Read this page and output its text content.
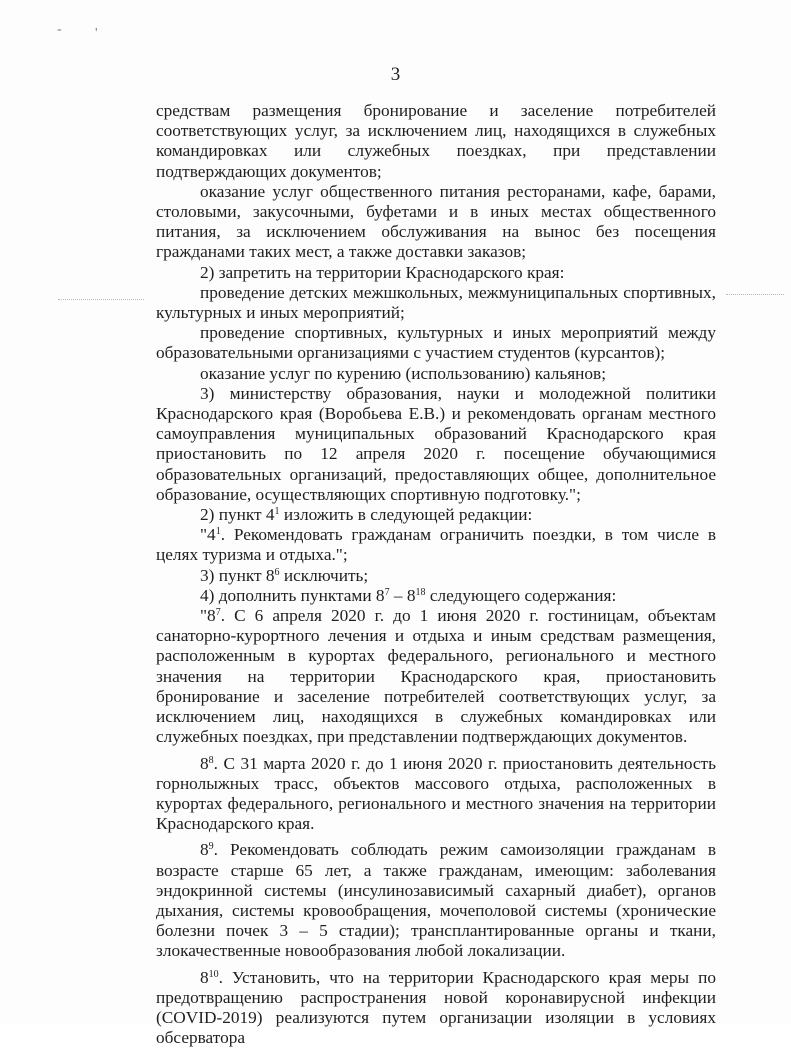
- '
3

средствам размещения бронирование и заселение потребителей соответствующих услуг, за исключением лиц, находящихся в служебных командировках или служебных поездках, при представлении подтверждающих документов;

оказание услуг общественного питания ресторанами, кафе, барами, столовыми, закусочными, буфетами и в иных местах общественного питания, за исключением обслуживания на вынос без посещения гражданами таких мест, а также доставки заказов;

2) запретить на территории Краснодарского края:

проведение детских межшкольных, межмуниципальных спортивных, культурных и иных мероприятий;

проведение спортивных, культурных и иных мероприятий между образовательными организациями с участием студентов (курсантов);

оказание услуг по курению (использованию) кальянов;

3) министерству образования, науки и молодежной политики Краснодарского края (Воробьева Е.В.) и рекомендовать органам местного самоуправления муниципальных образований Краснодарского края приостановить по 12 апреля 2020 г. посещение обучающимися образовательных организаций, предоставляющих общее, дополнительное образование, осуществляющих спортивную подготовку.";

2) пункт $4^1$ изложить в следующей редакции:

"$4^1$. Рекомендовать гражданам ограничить поездки, в том числе в целях туризма и отдыха.";

3) пункт $8^6$ исключить;

4) дополнить пунктами $8^7 - 8^{18}$ следующего содержания:

"$8^7$. С 6 апреля 2020 г. до 1 июня 2020 г. гостиницам, объектам санаторно-курортного лечения и отдыха и иным средствам размещения, расположенным в курортах федерального, регионального и местного значения на территории Краснодарского края, приостановить бронирование и заселение потребителей соответствующих услуг, за исключением лиц, находящихся в служебных командировках или служебных поездках, при представлении подтверждающих документов.

$8^8$. С 31 марта 2020 г. до 1 июня 2020 г. приостановить деятельность горнолыжных трасс, объектов массового отдыха, расположенных в курортах федерального, регионального и местного значения на территории Краснодарского края.

$8^9$. Рекомендовать соблюдать режим самоизоляции гражданам в возрасте старше 65 лет, а также гражданам, имеющим: заболевания эндокринной системы (инсулинозависимый сахарный диабет), органов дыхания, системы кровообращения, мочеполовой системы (хронические болезни почек 3 – 5 стадии); трансплантированные органы и ткани, злокачественные новообразования любой локализации.

$8^{10}$. Установить, что на территории Краснодарского края меры по предотвращению распространения новой коронавирусной инфекции (COVID-2019) реализуются путем организации изоляции в условиях обсерватора
